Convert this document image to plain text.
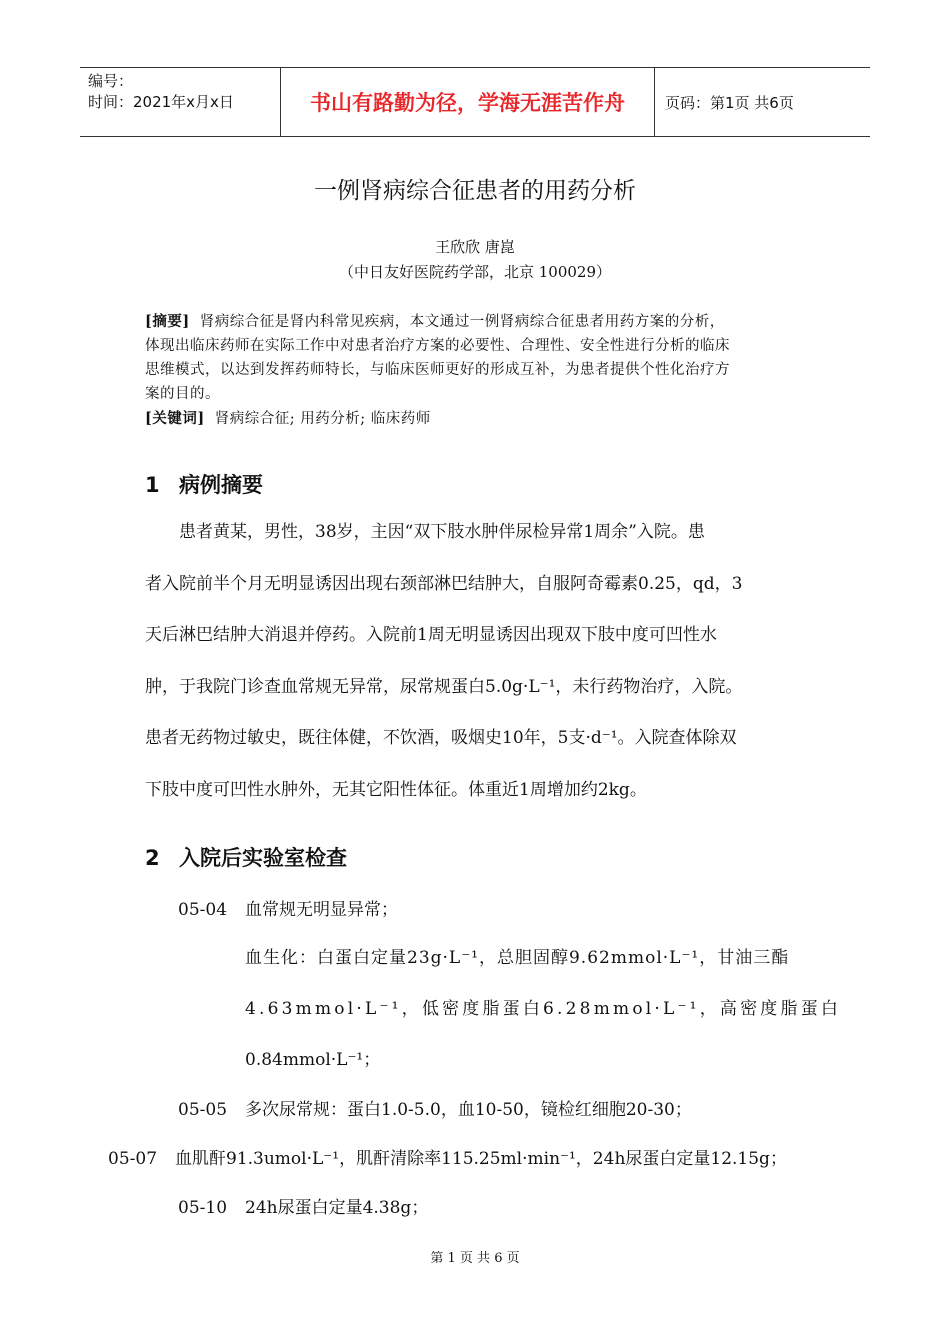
编号：
时间：2021年x月x日	书山有路勤为径，学海无涯苦作舟	页码：第1页 共6页
一例肾病综合征患者的用药分析
王欣欣 唐崑
（中日友好医院药学部，北京 100029）
[摘要] 肾病综合征是肾内科常见疾病，本文通过一例肾病综合征患者用药方案的分析，
体现出临床药师在实际工作中对患者治疗方案的必要性、合理性、安全性进行分析的临床
思维模式，以达到发挥药师特长，与临床医师更好的形成互补，为患者提供个性化治疗方
案的目的。
[关键词] 肾病综合征; 用药分析; 临床药师
1 病例摘要
　　患者黄某，男性，38岁，主因“双下肢水肿伴尿检异常1周余”入院。患
者入院前半个月无明显诱因出现右颈部淋巴结肿大，自服阿奇霉素0.25，qd，3
天后淋巴结肿大消退并停药。入院前1周无明显诱因出现双下肢中度可凹性水
肿，于我院门诊查血常规无异常，尿常规蛋白5.0g·L⁻¹，未行药物治疗，入院。
患者无药物过敏史，既往体健，不饮酒，吸烟史10年，5支·d⁻¹。入院查体除双
下肢中度可凹性水肿外，无其它阳性体征。体重近1周增加约2kg。
2 入院后实验室检查
05-04 血常规无明显异常；
血生化：白蛋白定量23g·L⁻¹，总胆固醇9.62mmol·L⁻¹，甘油三酯
4.63mmol·L⁻¹，低密度脂蛋白6.28mmol·L⁻¹，高密度脂蛋白
0.84mmol·L⁻¹；
05-05 多次尿常规：蛋白1.0-5.0，血10-50，镜检红细胞20-30；
05-07 血肌酐91.3umol·L⁻¹，肌酐清除率115.25ml·min⁻¹，24h尿蛋白定量12.15g；
05-10 24h尿蛋白定量4.38g；
第 1 页 共 6 页
